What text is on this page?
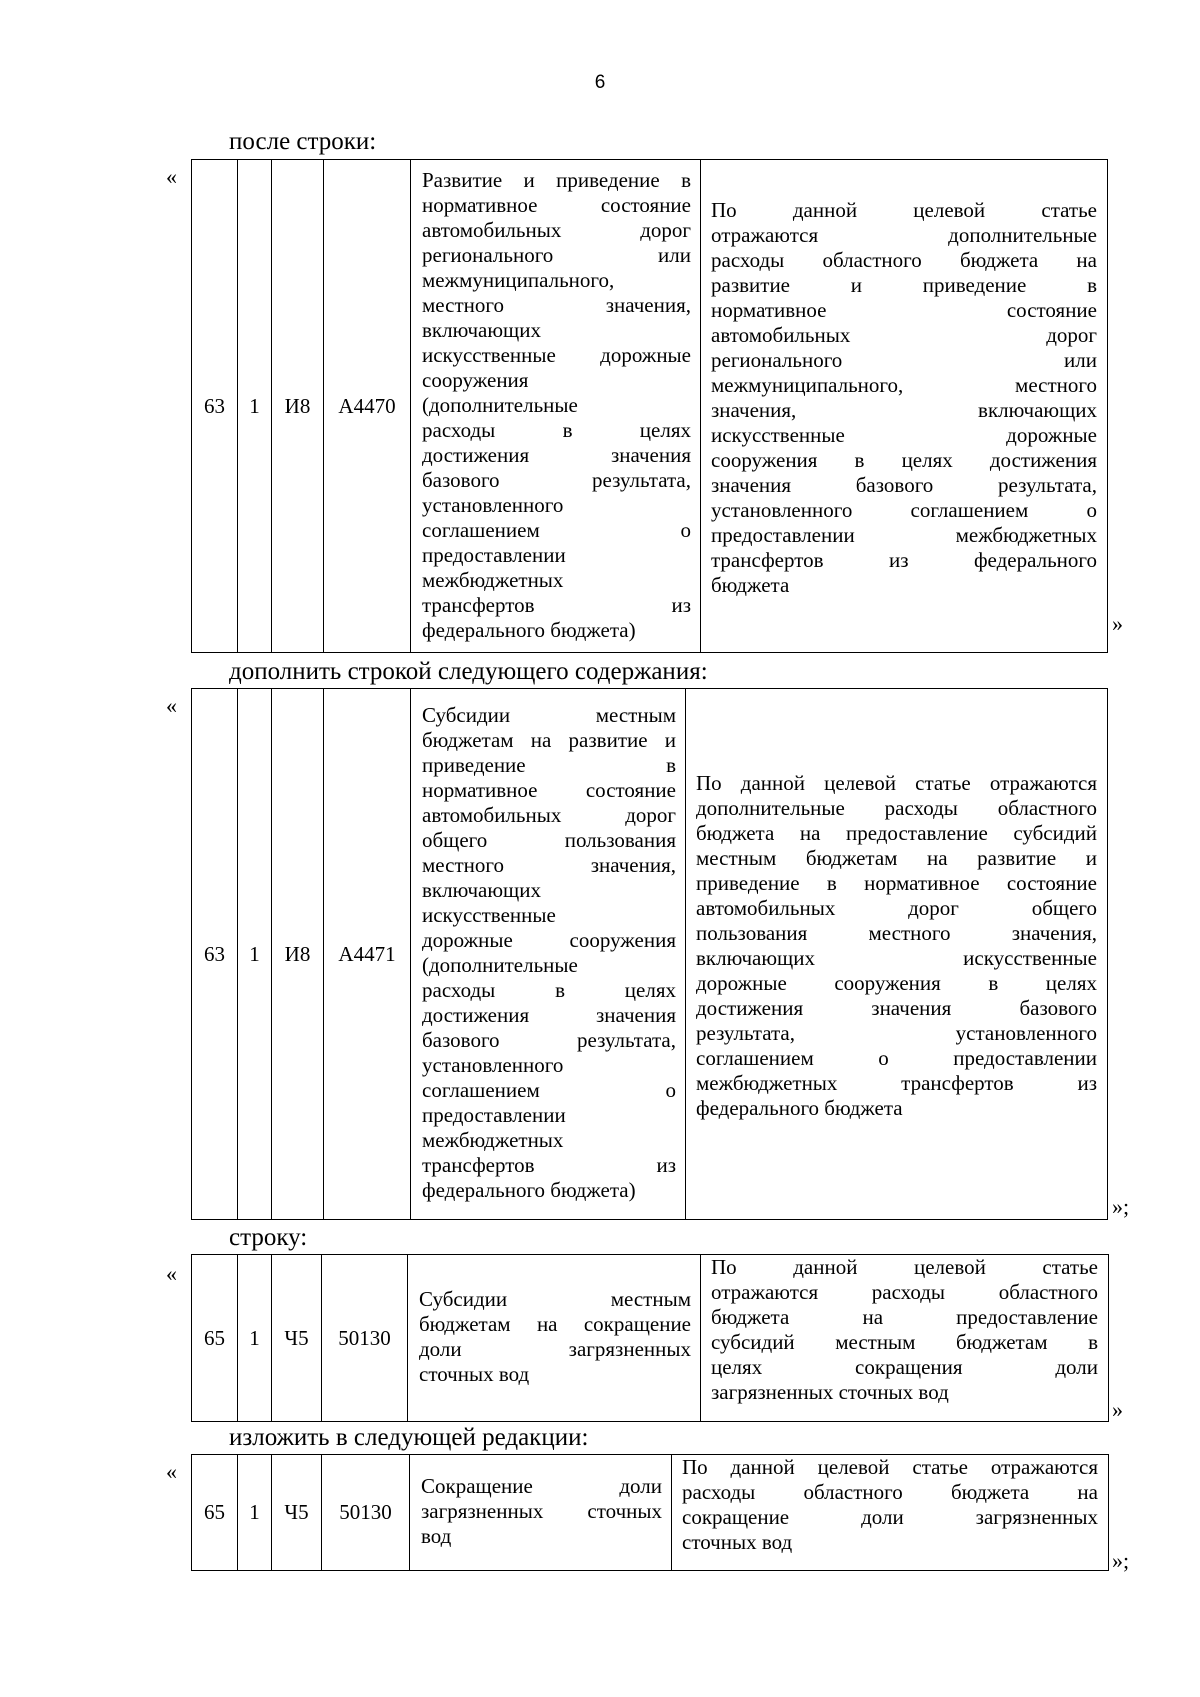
6
после строки:
«
63	1	И8	А4470	
Развитие и приведение в
нормативное состояние
автомобильных дорог
регионального или
межмуниципального,
местного значения,
включающих
искусственные дорожные
сооружения
(дополнительные
расходы в целях
достижения значения
базового результата,
установленного
соглашением о
предоставлении
межбюджетных
трансфертов из
федерального бюджета)

По данной целевой статье
отражаются дополнительные
расходы областного бюджета на
развитие и приведение в
нормативное состояние
автомобильных дорог
регионального или
межмуниципального, местного
значения, включающих
искусственные дорожные
сооружения в целях достижения
значения базового результата,
установленного соглашением о
предоставлении межбюджетных
трансфертов из федерального
бюджета
»
дополнить строкой следующего содержания:
«
63	1	И8	А4471	
Субсидии местным
бюджетам на развитие и
приведение в
нормативное состояние
автомобильных дорог
общего пользования
местного значения,
включающих
искусственные
дорожные сооружения
(дополнительные
расходы в целях
достижения значения
базового результата,
установленного
соглашением о
предоставлении
межбюджетных
трансфертов из
федерального бюджета)

По данной целевой статье отражаются
дополнительные расходы областного
бюджета на предоставление субсидий
местным бюджетам на развитие и
приведение в нормативное состояние
автомобильных дорог общего
пользования местного значения,
включающих искусственные
дорожные сооружения в целях
достижения значения базового
результата, установленного
соглашением о предоставлении
межбюджетных трансфертов из
федерального бюджета
»;
строку:
«
65	1	Ч5	50130	
Субсидии местным
бюджетам на сокращение
доли загрязненных
сточных вод

По данной целевой статье
отражаются расходы областного
бюджета на предоставление
субсидий местным бюджетам в
целях сокращения доли
загрязненных сточных вод
»
изложить в следующей редакции:
«
65	1	Ч5	50130	
Сокращение доли
загрязненных сточных
вод

По данной целевой статье отражаются
расходы областного бюджета на
сокращение доли загрязненных
сточных вод
»;
